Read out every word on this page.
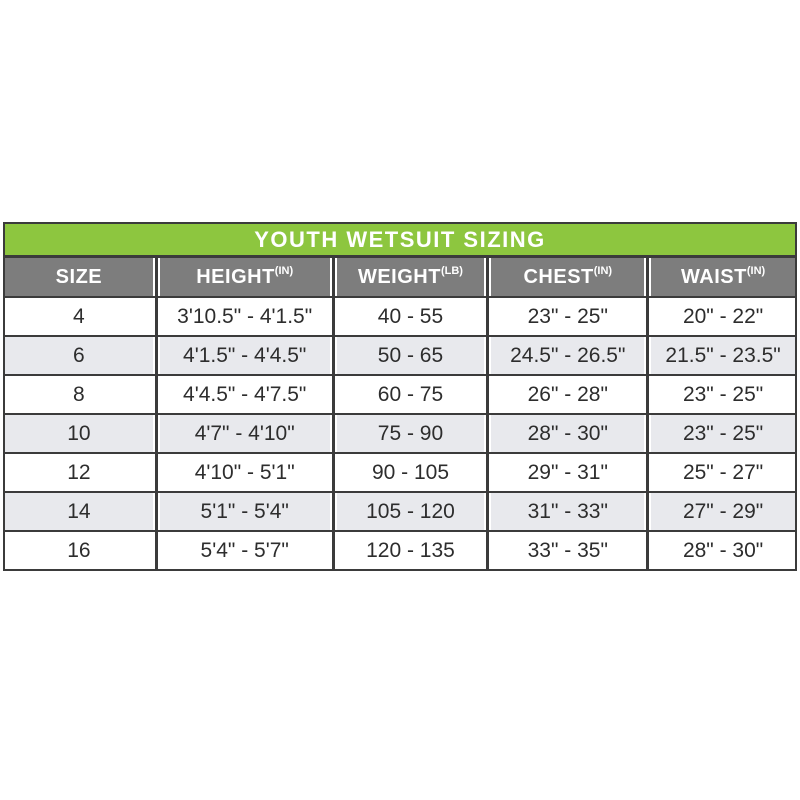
YOUTH WETSUIT SIZING
SIZE	HEIGHT (IN)	WEIGHT (LB)	CHEST (IN)	WAIST (IN)
4	3'10.5" - 4'1.5"	40 - 55	23" - 25"	20" - 22"
6	4'1.5" - 4'4.5"	50 - 65	24.5" - 26.5"	21.5" - 23.5"
8	4'4.5" - 4'7.5"	60 - 75	26" - 28"	23" - 25"
10	4'7" - 4'10"	75 - 90	28" - 30"	23" - 25"
12	4'10" - 5'1"	90 - 105	29" - 31"	25" - 27"
14	5'1" - 5'4"	105 - 120	31" - 33"	27" - 29"
16	5'4" - 5'7"	120 - 135	33" - 35"	28" - 30"
